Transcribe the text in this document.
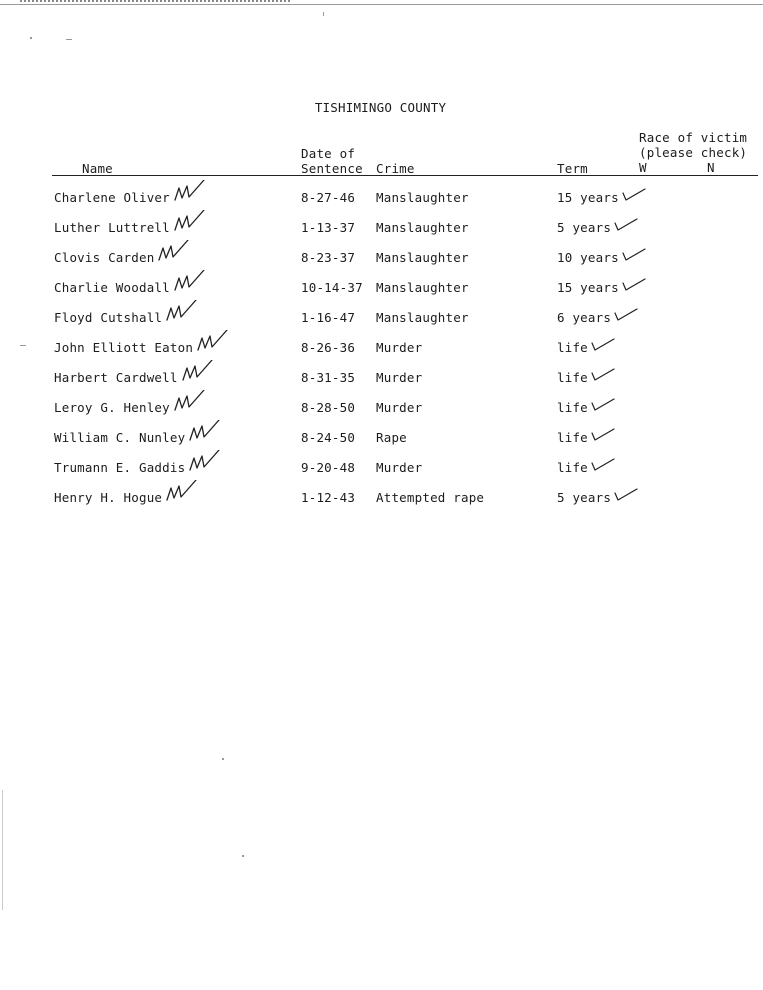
TISHIMINGO COUNTY
Race of victim
(please check)
Date of
Sentence
Name	Crime	Term	W	N
Charlene Oliver	8-27-46 Manslaughter	15 years
Luther Luttrell	1-13-37 Manslaughter	5 years
Clovis Carden	8-23-37 Manslaughter	10 years
Charlie Woodall	10-14-37 Manslaughter	15 years
Floyd Cutshall	1-16-47 Manslaughter	6 years
John Elliott Eaton	8-26-36 Murder	life
Harbert Cardwell	8-31-35 Murder	life
Leroy G. Henley	8-28-50 Murder	life
William C. Nunley	8-24-50 Rape	life
Trumann E. Gaddis	9-20-48 Murder	life
Henry H. Hogue	1-12-43 Attempted rape	5 years
